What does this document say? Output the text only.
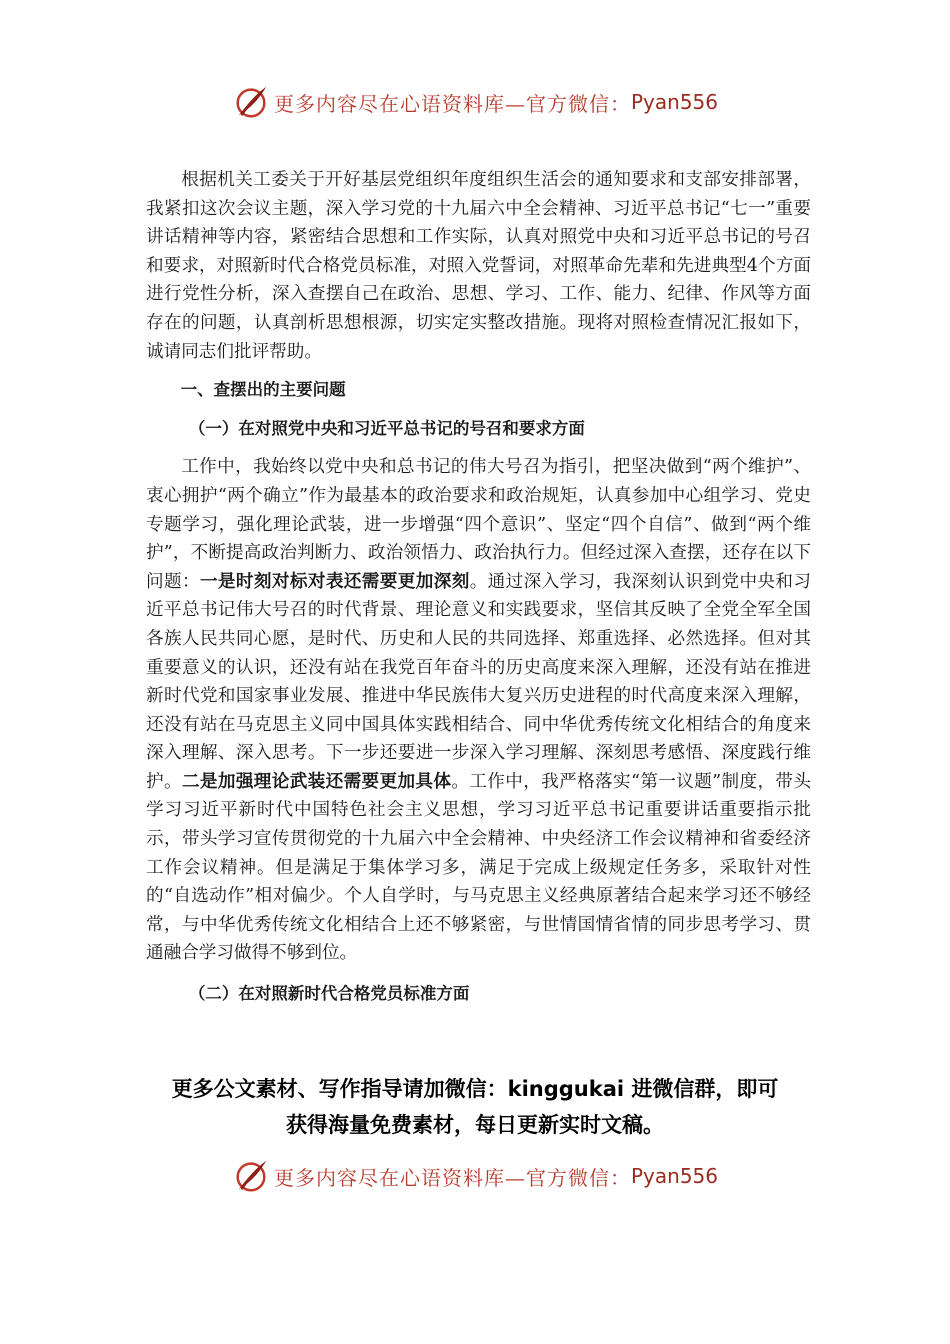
更多内容尽在心语资料库—官方微信： Pyan556

根据机关工委关于开好基层党组织年度组织生活会的通知要求和支部安排部署，我紧扣这次会议主题，深入学习党的十九届六中全会精神、习近平总书记“七一”重要讲话精神等内容，紧密结合思想和工作实际，认真对照党中央和习近平总书记的号召和要求，对照新时代合格党员标准，对照入党誓词，对照革命先辈和先进典型4个方面进行党性分析，深入查摆自己在政治、思想、学习、工作、能力、纪律、作风等方面存在的问题，认真剖析思想根源，切实定实整改措施。现将对照检查情况汇报如下，诚请同志们批评帮助。

一、查摆出的主要问题

（一）在对照党中央和习近平总书记的号召和要求方面

工作中，我始终以党中央和总书记的伟大号召为指引，把坚决做到“两个维护”、衷心拥护“两个确立”作为最基本的政治要求和政治规矩，认真参加中心组学习、党史专题学习，强化理论武装，进一步增强“四个意识”、坚定“四个自信”、做到“两个维护”，不断提高政治判断力、政治领悟力、政治执行力。但经过深入查摆，还存在以下问题：一是时刻对标对表还需要更加深刻。通过深入学习，我深刻认识到党中央和习近平总书记伟大号召的时代背景、理论意义和实践要求，坚信其反映了全党全军全国各族人民共同心愿，是时代、历史和人民的共同选择、郑重选择、必然选择。但对其重要意义的认识，还没有站在我党百年奋斗的历史高度来深入理解，还没有站在推进新时代党和国家事业发展、推进中华民族伟大复兴历史进程的时代高度来深入理解，还没有站在马克思主义同中国具体实践相结合、同中华优秀传统文化相结合的角度来深入理解、深入思考。下一步还要进一步深入学习理解、深刻思考感悟、深度践行维护。二是加强理论武装还需要更加具体。工作中，我严格落实“第一议题”制度，带头学习习近平新时代中国特色社会主义思想，学习习近平总书记重要讲话重要指示批示，带头学习宣传贯彻党的十九届六中全会精神、中央经济工作会议精神和省委经济工作会议精神。但是满足于集体学习多，满足于完成上级规定任务多，采取针对性的“自选动作”相对偏少。个人自学时，与马克思主义经典原著结合起来学习还不够经常，与中华优秀传统文化相结合上还不够紧密，与世情国情省情的同步思考学习、贯通融合学习做得不够到位。

（二）在对照新时代合格党员标准方面

更多公文素材、写作指导请加微信：kinggukai 进微信群，即可
获得海量免费素材，每日更新实时文稿。
更多内容尽在心语资料库—官方微信： Pyan556
